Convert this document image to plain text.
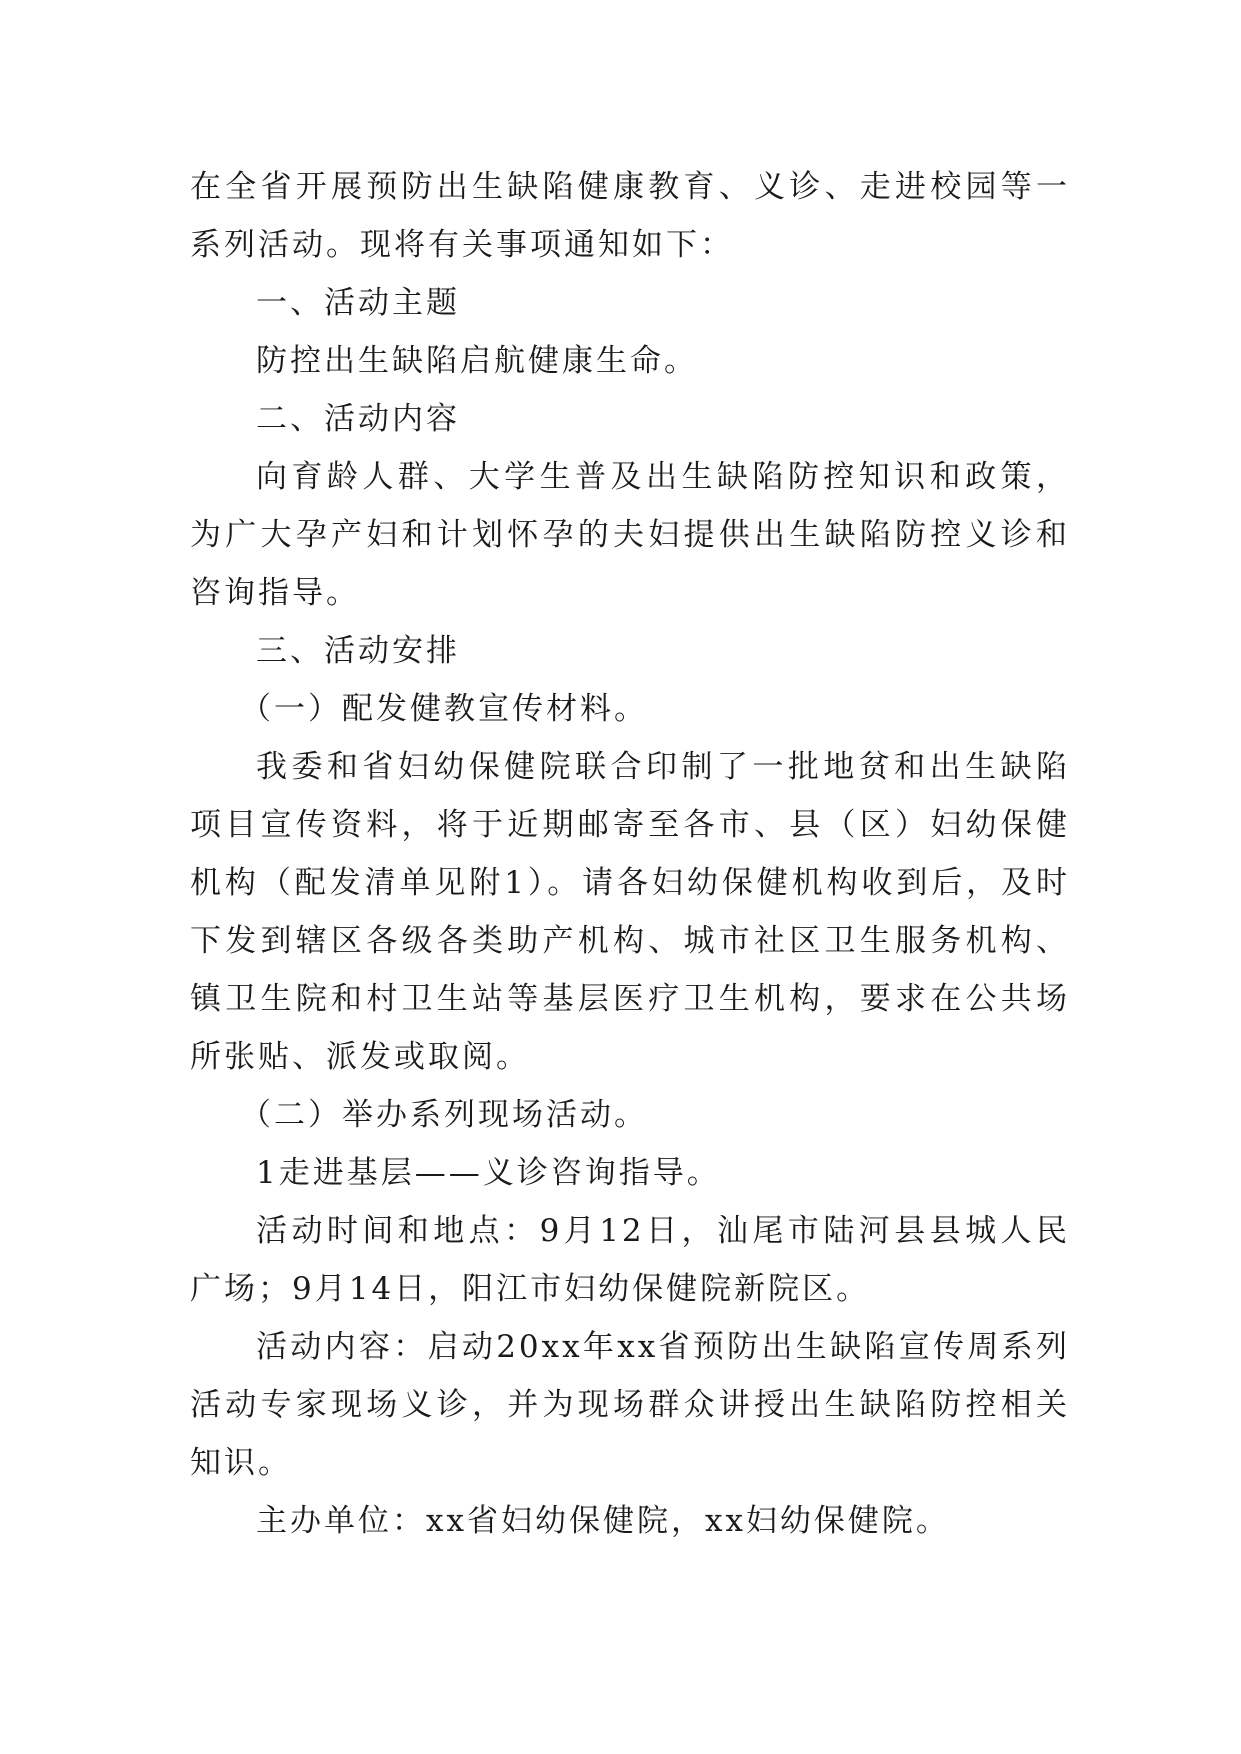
在全省开展预防出生缺陷健康教育、义诊、走进校园等一系列活动。现将有关事项通知如下：

一、活动主题

防控出生缺陷启航健康生命。

二、活动内容

向育龄人群、大学生普及出生缺陷防控知识和政策，为广大孕产妇和计划怀孕的夫妇提供出生缺陷防控义诊和咨询指导。

三、活动安排

（一）配发健教宣传材料。

我委和省妇幼保健院联合印制了一批地贫和出生缺陷项目宣传资料，将于近期邮寄至各市、县（区）妇幼保健机构（配发清单见附1）。请各妇幼保健机构收到后，及时下发到辖区各级各类助产机构、城市社区卫生服务机构、镇卫生院和村卫生站等基层医疗卫生机构，要求在公共场所张贴、派发或取阅。

（二）举办系列现场活动。

1走进基层——义诊咨询指导。

活动时间和地点：9月12日，汕尾市陆河县县城人民广场；9月14日，阳江市妇幼保健院新院区。

活动内容：启动20xx年xx省预防出生缺陷宣传周系列活动专家现场义诊，并为现场群众讲授出生缺陷防控相关知识。

主办单位：xx省妇幼保健院，xx妇幼保健院。
